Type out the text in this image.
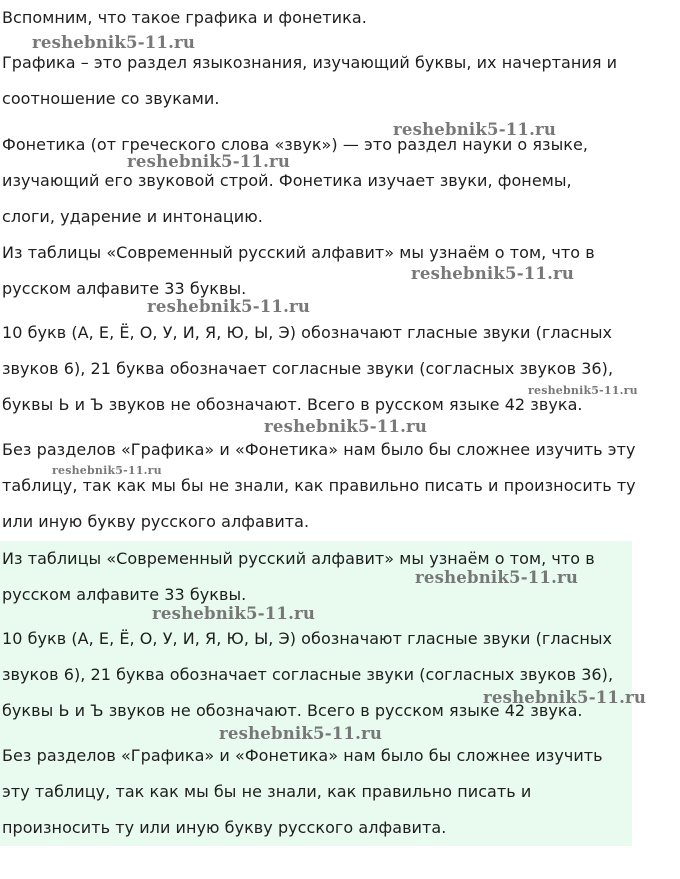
Вспомним, что такое графика и фонетика.

Графика – это раздел языкознания, изучающий буквы, их начертания и соотношение со звуками.

Фонетика (от греческого слова «звук») — это раздел науки о языке, изучающий его звуковой строй. Фонетика изучает звуки, фонемы, слоги, ударение и интонацию.

Из таблицы «Современный русский алфавит» мы узнаём о том, что в русском алфавите 33 буквы.

10 букв (А, Е, Ё, О, У, И, Я, Ю, Ы, Э) обозначают гласные звуки (гласных звуков 6), 21 буква обозначает согласные звуки (согласных звуков 36), буквы Ь и Ъ звуков не обозначают. Всего в русском языке 42 звука.

Без разделов «Графика» и «Фонетика» нам было бы сложнее изучить эту таблицу, так как мы бы не знали, как правильно писать и произносить ту или иную букву русского алфавита.

Из таблицы «Современный русский алфавит» мы узнаём о том, что в русском алфавите 33 буквы.

10 букв (А, Е, Ё, О, У, И, Я, Ю, Ы, Э) обозначают гласные звуки (гласных звуков 6), 21 буква обозначает согласные звуки (согласных звуков 36), буквы Ь и Ъ звуков не обозначают. Всего в русском языке 42 звука.

Без разделов «Графика» и «Фонетика» нам было бы сложнее изучить эту таблицу, так как мы бы не знали, как правильно писать и произносить ту или иную букву русского алфавита.

reshebnik5-11.ru
reshebnik5-11.ru
reshebnik5-11.ru
reshebnik5-11.ru
reshebnik5-11.ru
reshebnik5-11.ru
reshebnik5-11.ru
reshebnik5-11.ru
reshebnik5-11.ru
reshebnik5-11.ru
reshebnik5-11.ru
reshebnik5-11.ru
